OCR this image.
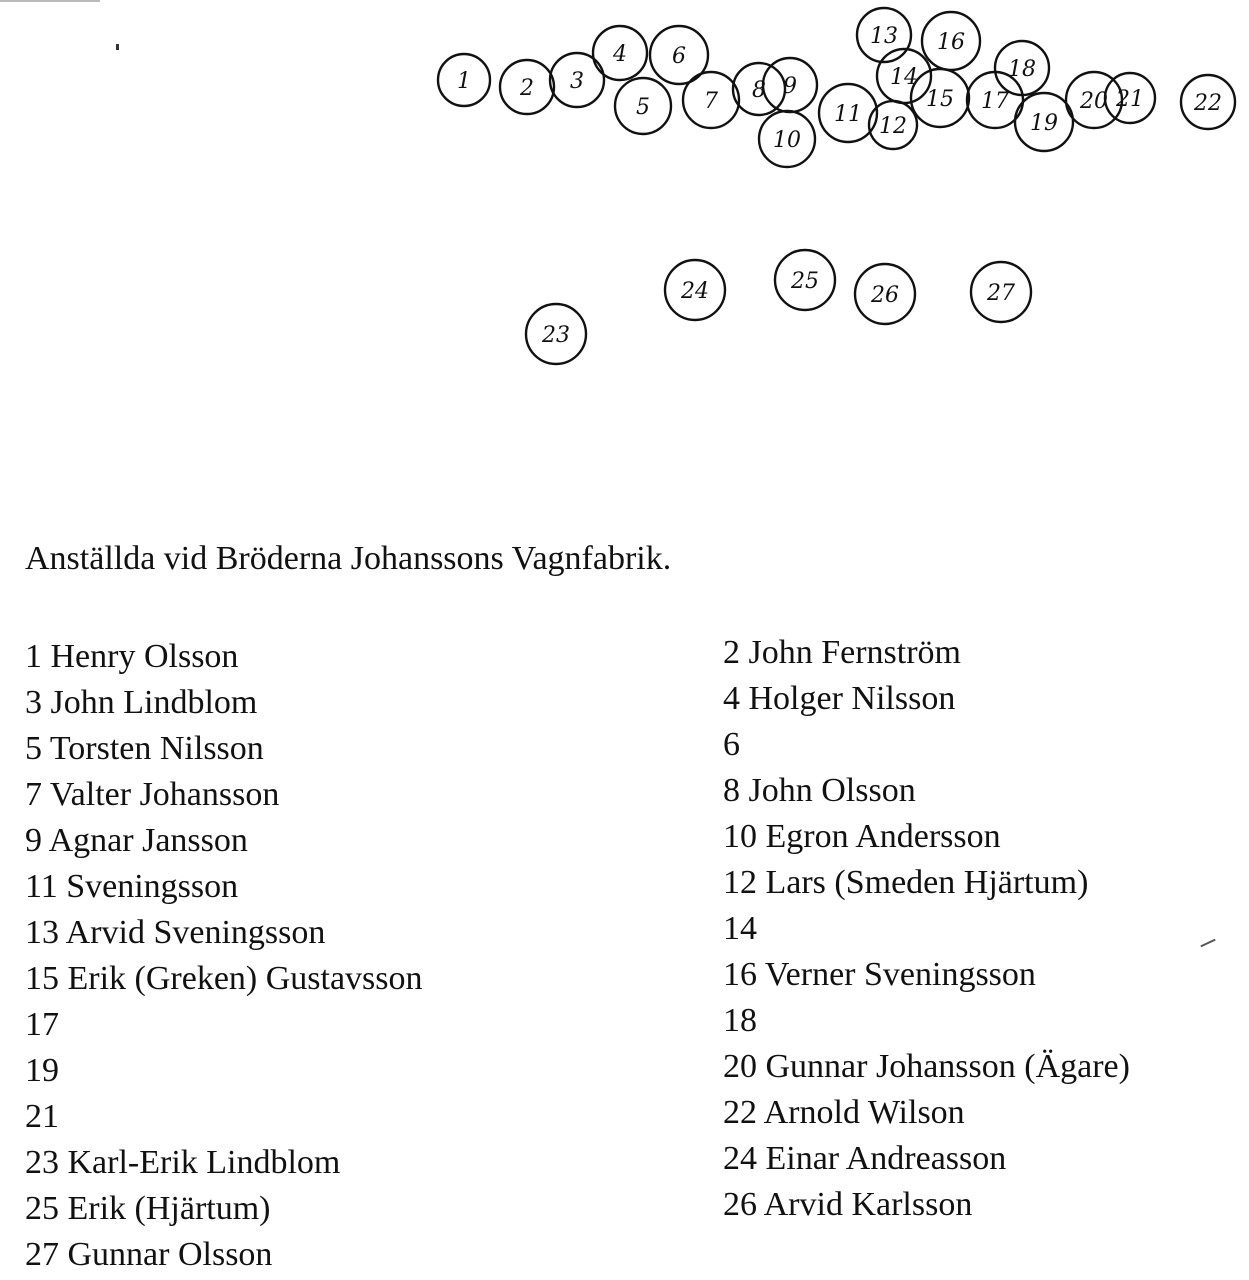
1 2 3
4 6
5 7 8 9
10
11 12
13 16
14
15
18
17
19
20 21 22
23
24	25
26	27
Anställda vid Bröderna Johanssons Vagnfabrik.
1 Henry Olsson
3 John Lindblom
5 Torsten Nilsson
7 Valter Johansson
9 Agnar Jansson
11 Sveningsson
13 Arvid Sveningsson
15 Erik (Greken) Gustavsson
17
19
21
23 Karl-Erik Lindblom
25 Erik (Hjärtum)
27 Gunnar Olsson
2 John Fernström
4 Holger Nilsson
6
8 John Olsson
10 Egron Andersson
12 Lars (Smeden Hjärtum)
14
16 Verner Sveningsson
18
20 Gunnar Johansson (Ägare)
22 Arnold Wilson
24 Einar Andreasson
26 Arvid Karlsson
